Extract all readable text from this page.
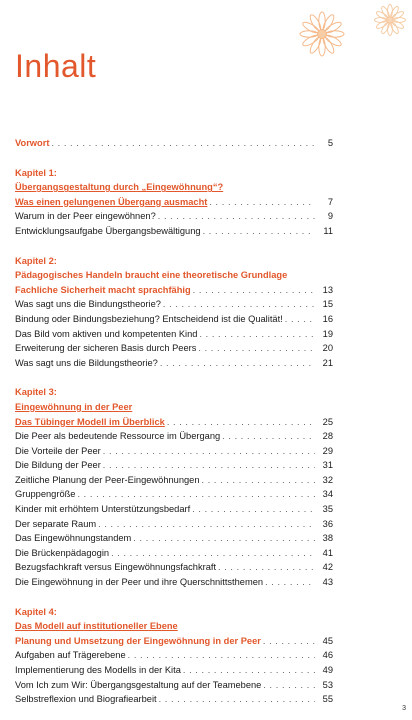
Inhalt
Vorwort . . .	5
Kapitel 1:
Übergangsgestaltung durch „Eingewöhnung“?
Was einen gelungenen Übergang ausmacht . . .	7
Warum in der Peer eingewöhnen? . . .	9
Entwicklungsaufgabe Übergangsbewältigung . . .	11
Kapitel 2:
Pädagogisches Handeln braucht eine theoretische Grundlage
Fachliche Sicherheit macht sprachfähig . . .	13
Was sagt uns die Bindungstheorie? . . .	15
Bindung oder Bindungsbeziehung? Entscheidend ist die Qualität! . . .	16
Das Bild vom aktiven und kompetenten Kind . . .	19
Erweiterung der sicheren Basis durch Peers . . .	20
Was sagt uns die Bildungstheorie? . . .	21
Kapitel 3:
Eingewöhnung in der Peer
Das Tübinger Modell im Überblick . . .	25
Die Peer als bedeutende Ressource im Übergang . . .	28
Die Vorteile der Peer . . .	29
Die Bildung der Peer . . .	31
Zeitliche Planung der Peer-Eingewöhnungen . . .	32
Gruppengröße . . .	34
Kinder mit erhöhtem Unterstützungsbedarf . . .	35
Der separate Raum . . .	36
Das Eingewöhnungstandem . . .	38
Die Brückenpädagogin . . .	41
Bezugsfachkraft versus Eingewöhnungsfachkraft . . .	42
Die Eingewöhnung in der Peer und ihre Querschnittsthemen . . .	43
Kapitel 4:
Das Modell auf institutioneller Ebene
Planung und Umsetzung der Eingewöhnung in der Peer . . .	45
Aufgaben auf Trägerebene . . .	46
Implementierung des Modells in der Kita . . .	49
Vom Ich zum Wir: Übergangsgestaltung auf der Teamebene . . .	53
Selbstreflexion und Biografiearbeit . . .	55
3
